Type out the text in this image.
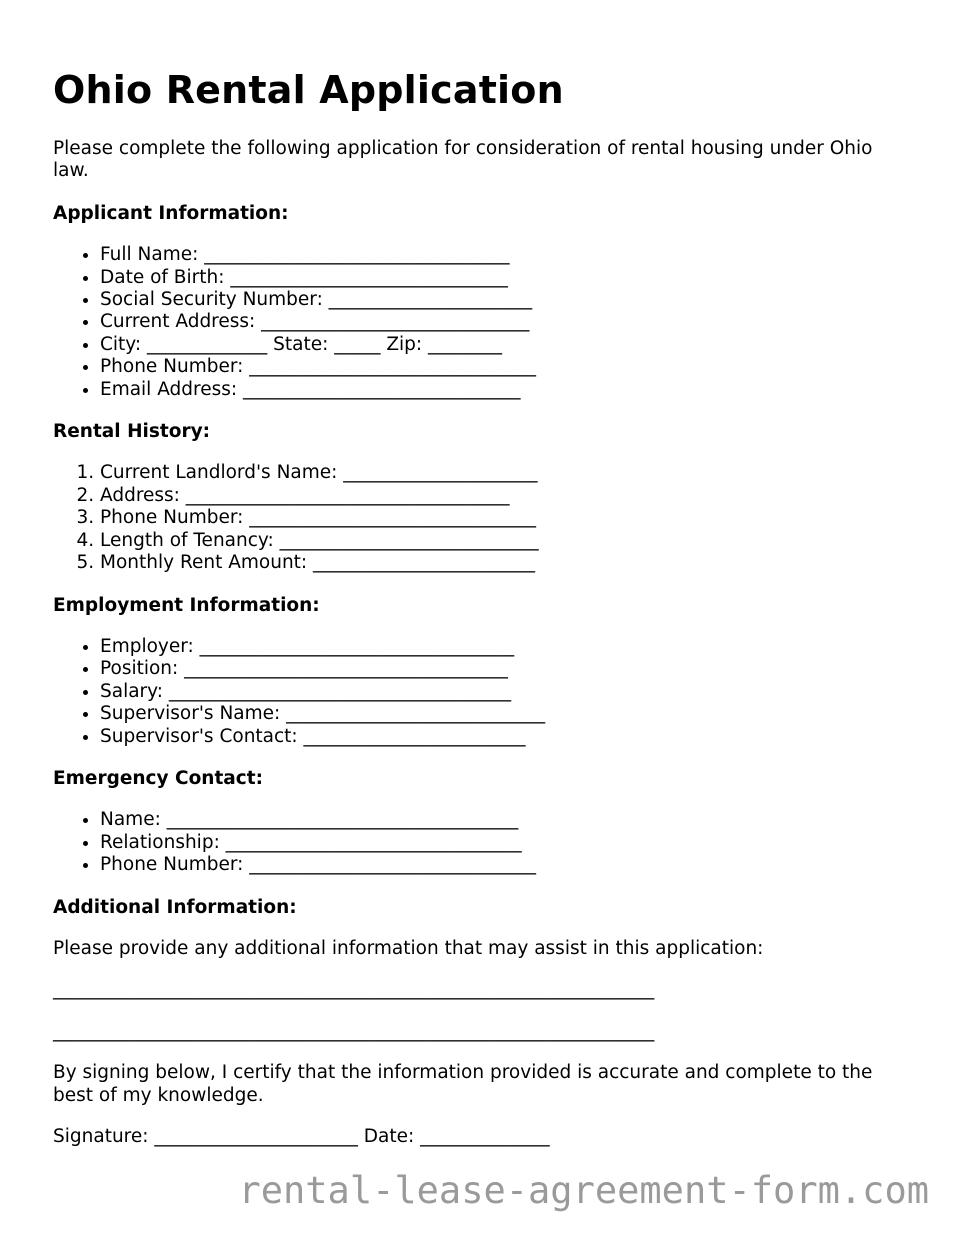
Ohio Rental Application

Please complete the following application for consideration of rental housing under Ohio law.

Applicant Information:

• Full Name: _________________________________
• Date of Birth: ______________________________
• Social Security Number: ______________________
• Current Address: _____________________________
• City: _____________ State: _____ Zip: ________
• Phone Number: _______________________________
• Email Address: ______________________________

Rental History:

1. Current Landlord's Name: _____________________
2. Address: ___________________________________
3. Phone Number: _______________________________
4. Length of Tenancy: ____________________________
5. Monthly Rent Amount: ________________________

Employment Information:

• Employer: __________________________________
• Position: ___________________________________
• Salary: _____________________________________
• Supervisor's Name: ____________________________
• Supervisor's Contact: ________________________

Emergency Contact:

• Name: ______________________________________
• Relationship: ________________________________
• Phone Number: _______________________________

Additional Information:

Please provide any additional information that may assist in this application:

_________________________________________________________________

_________________________________________________________________

By signing below, I certify that the information provided is accurate and complete to the best of my knowledge.

Signature: ______________________ Date: ______________

rental-lease-agreement-form.com
